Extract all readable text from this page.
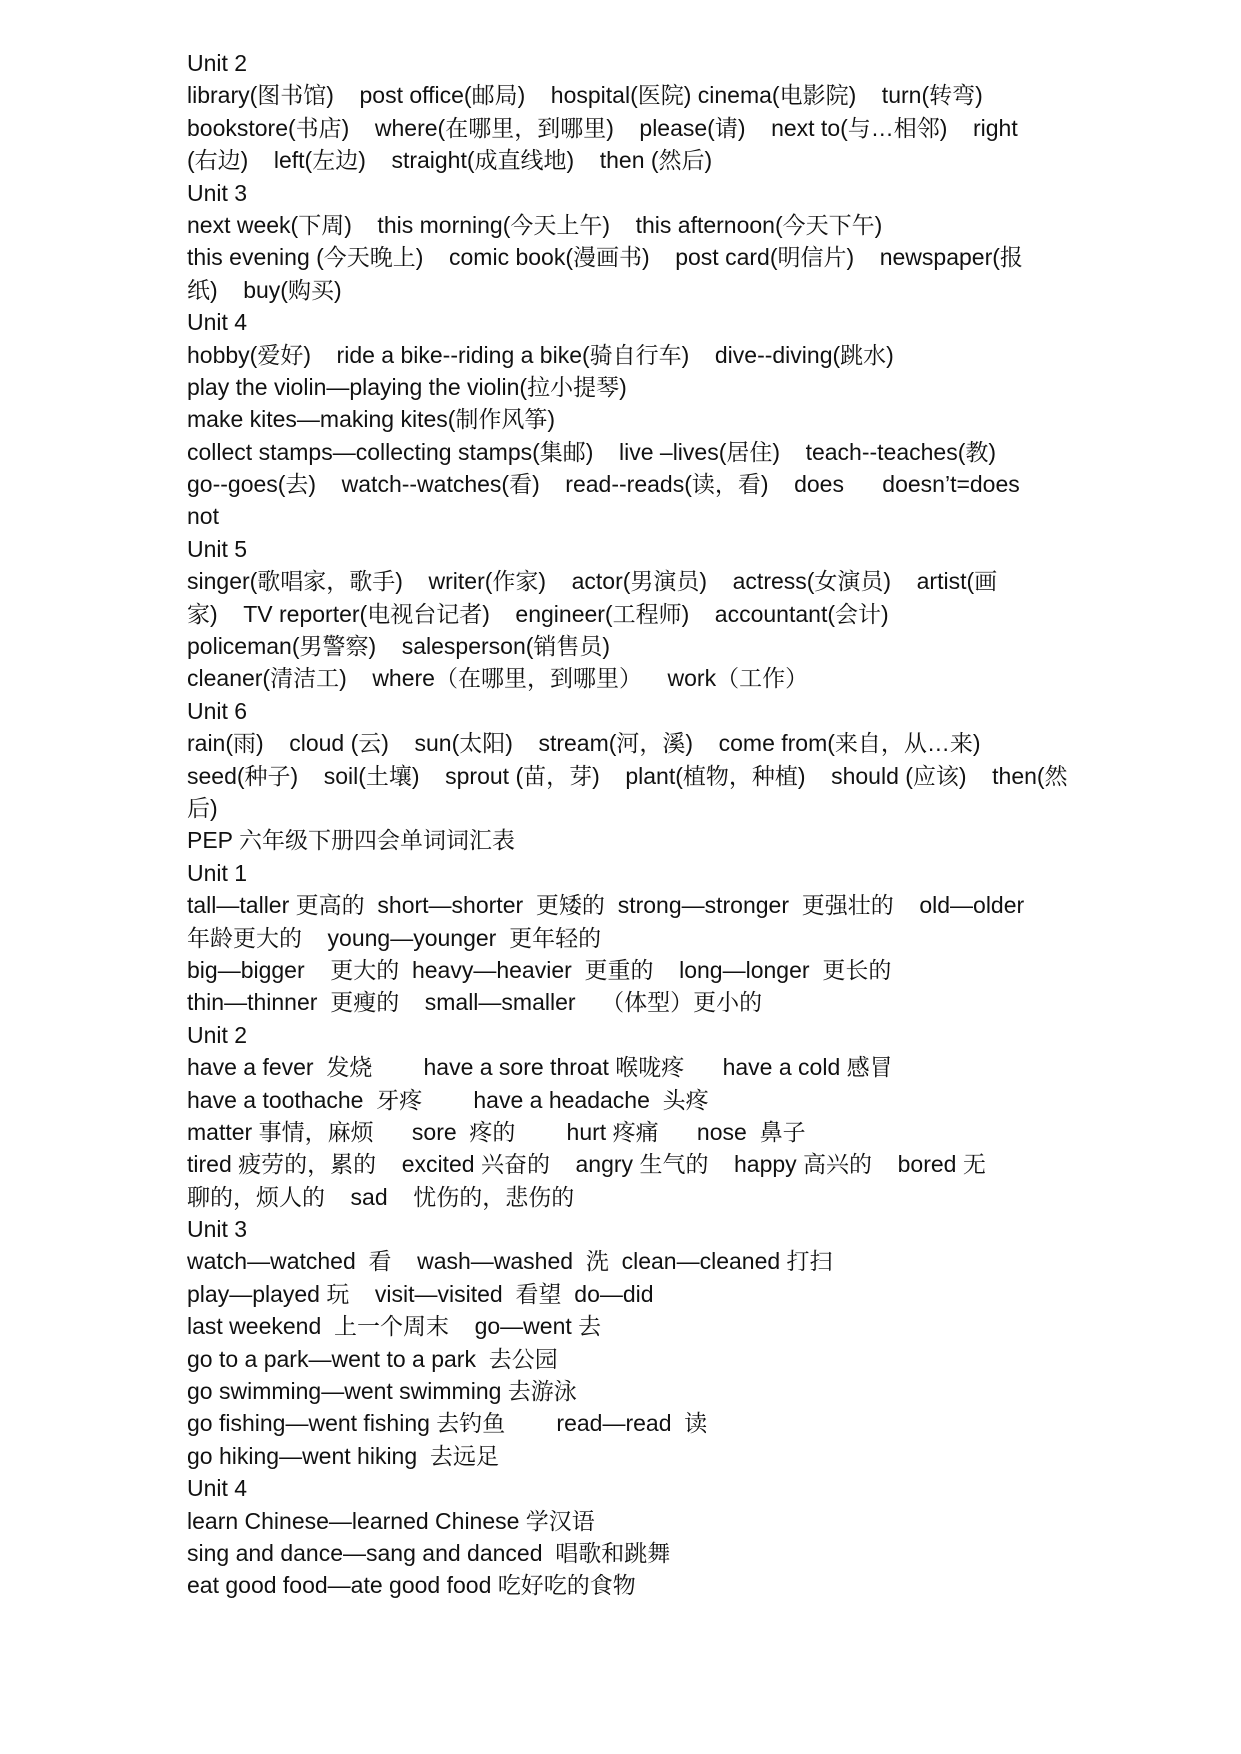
Unit 2
library(图书馆)    post office(邮局)    hospital(医院) cinema(电影院)    turn(转弯)
bookstore(书店)    where(在哪里，到哪里)    please(请)    next to(与…相邻)    right
(右边)    left(左边)    straight(成直线地)    then (然后)
Unit 3
next week(下周)    this morning(今天上午)    this afternoon(今天下午)
this evening (今天晚上)    comic book(漫画书)    post card(明信片)    newspaper(报
纸)    buy(购买)
Unit 4
hobby(爱好)    ride a bike--riding a bike(骑自行车)    dive--diving(跳水)
play the violin—playing the violin(拉小提琴)
make kites—making kites(制作风筝)
collect stamps—collecting stamps(集邮)    live –lives(居住)    teach--teaches(教)
go--goes(去)    watch--watches(看)    read--reads(读，看)    does      doesn’t=does
not
Unit 5
singer(歌唱家，歌手)    writer(作家)    actor(男演员)    actress(女演员)    artist(画
家)    TV reporter(电视台记者)    engineer(工程师)    accountant(会计)
policeman(男警察)    salesperson(销售员)
cleaner(清洁工)    where（在哪里，到哪里）    work（工作）
Unit 6
rain(雨)    cloud (云)    sun(太阳)    stream(河，溪)    come from(来自，从…来)
seed(种子)    soil(土壤)    sprout (苗，芽)    plant(植物，种植)    should (应该)    then(然
后)
PEP 六年级下册四会单词词汇表
Unit 1
tall—taller 更高的  short—shorter  更矮的  strong—stronger  更强壮的    old—older
年龄更大的    young—younger  更年轻的
big—bigger    更大的  heavy—heavier  更重的    long—longer  更长的
thin—thinner  更瘦的    small—smaller    （体型）更小的
Unit 2
have a fever  发烧        have a sore throat 喉咙疼      have a cold 感冒
have a toothache  牙疼        have a headache  头疼
matter 事情，麻烦      sore  疼的        hurt 疼痛      nose  鼻子
tired 疲劳的，累的    excited 兴奋的    angry 生气的    happy 高兴的    bored 无
聊的，烦人的    sad    忧伤的，悲伤的
Unit 3
watch—watched  看    wash—washed  洗  clean—cleaned 打扫
play—played 玩    visit—visited  看望  do—did
last weekend  上一个周末    go—went 去
go to a park—went to a park  去公园
go swimming—went swimming 去游泳
go fishing—went fishing 去钓鱼        read—read  读
go hiking—went hiking  去远足
Unit 4
learn Chinese—learned Chinese 学汉语
sing and dance—sang and danced  唱歌和跳舞
eat good food—ate good food 吃好吃的食物
